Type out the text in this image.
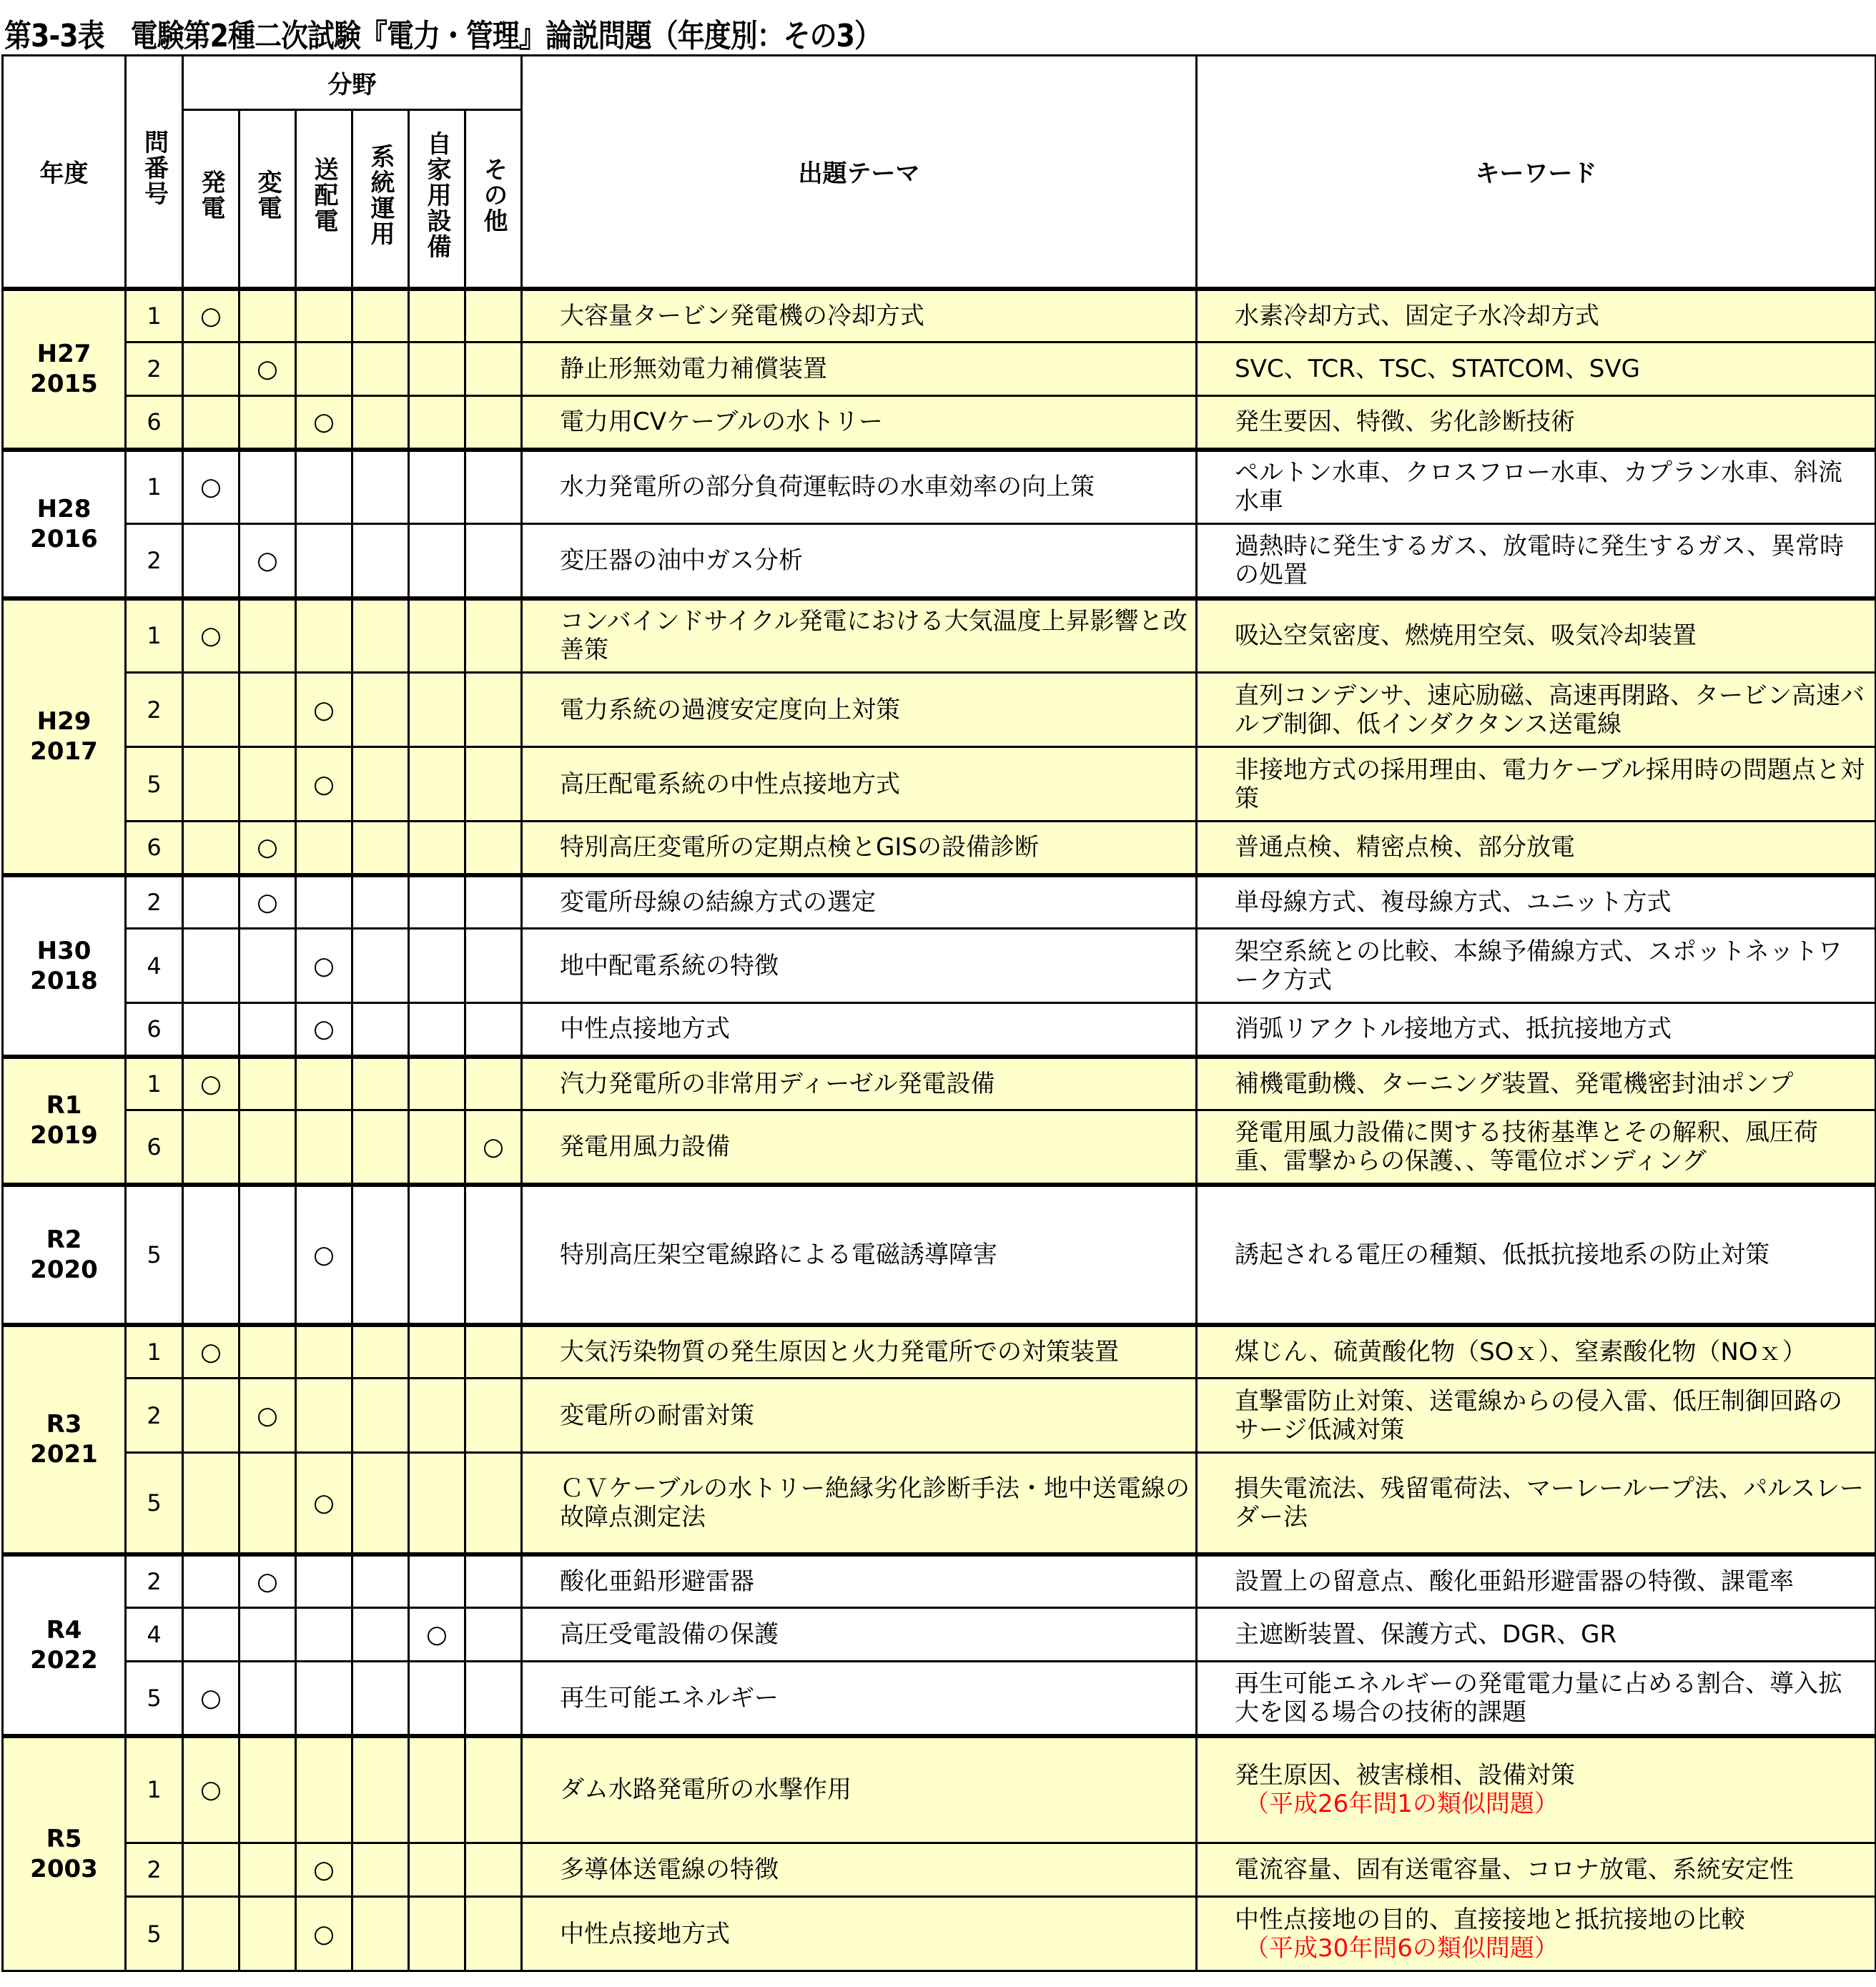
第3-3表　電験第2種二次試験『電力・管理』論説問題（年度別：その3）
年度	問番号	分野						出題テーマ	キーワード
		発電	変電	送配電	系統運用	自家用設備	その他		

H27
2015	1	○						大容量タービン発電機の冷却方式	水素冷却方式、固定子水冷却方式
	2		○					静止形無効電力補償装置	SVC、TCR、TSC、STATCOM、SVG
	6			○				電力用CVケーブルの水トリー	発生要因、特徴、劣化診断技術

H28
2016	1	○						水力発電所の部分負荷運転時の水車効率の向上策	ペルトン水車、クロスフロー水車、カプラン水車、斜流水車
	2		○					変圧器の油中ガス分析	過熱時に発生するガス、放電時に発生するガス、異常時の処置

H29
2017	1	○						コンバインドサイクル発電における大気温度上昇影響と改善策	吸込空気密度、燃焼用空気、吸気冷却装置
	2			○				電力系統の過渡安定度向上対策	直列コンデンサ、速応励磁、高速再閉路、タービン高速バルブ制御、低インダクタンス送電線
	5			○				高圧配電系統の中性点接地方式	非接地方式の採用理由、電力ケーブル採用時の問題点と対策
	6		○					特別高圧変電所の定期点検とGISの設備診断	普通点検、精密点検、部分放電

H30
2018	2		○					変電所母線の結線方式の選定	単母線方式、複母線方式、ユニット方式
	4			○				地中配電系統の特徴	架空系統との比較、本線予備線方式、スポットネットワーク方式
	6			○				中性点接地方式	消弧リアクトル接地方式、抵抗接地方式

R1
2019	1	○						汽力発電所の非常用ディーゼル発電設備	補機電動機、ターニング装置、発電機密封油ポンプ
	6						○	発電用風力設備	発電用風力設備に関する技術基準とその解釈、風圧荷重、雷撃からの保護、、等電位ボンディング

R2
2020	5			○				特別高圧架空電線路による電磁誘導障害	誘起される電圧の種類、低抵抗接地系の防止対策

R3
2021	1	○						大気汚染物質の発生原因と火力発電所での対策装置	煤じん、硫黄酸化物（SOｘ）、窒素酸化物（NOｘ）
	2		○					変電所の耐雷対策	直撃雷防止対策、送電線からの侵入雷、低圧制御回路のサージ低減対策
	5			○				ＣＶケーブルの水トリー絶縁劣化診断手法・地中送電線の故障点測定法	損失電流法、残留電荷法、マーレーループ法、パルスレーダー法

R4
2022	2		○					酸化亜鉛形避雷器	設置上の留意点、酸化亜鉛形避雷器の特徴、課電率
	4					○		高圧受電設備の保護	主遮断装置、保護方式、DGR、GR
	5	○						再生可能エネルギー	再生可能エネルギーの発電電力量に占める割合、導入拡大を図る場合の技術的課題

R5
2003
	1	○						ダム水路発電所の水撃作用	発生原因、被害様相、設備対策
（平成26年問1の類似問題）

	2			○				多導体送電線の特徴	電流容量、固有送電容量、コロナ放電、系統安定性
	5			○				中性点接地方式	中性点接地の目的、直接接地と抵抗接地の比較
（平成30年問6の類似問題）
